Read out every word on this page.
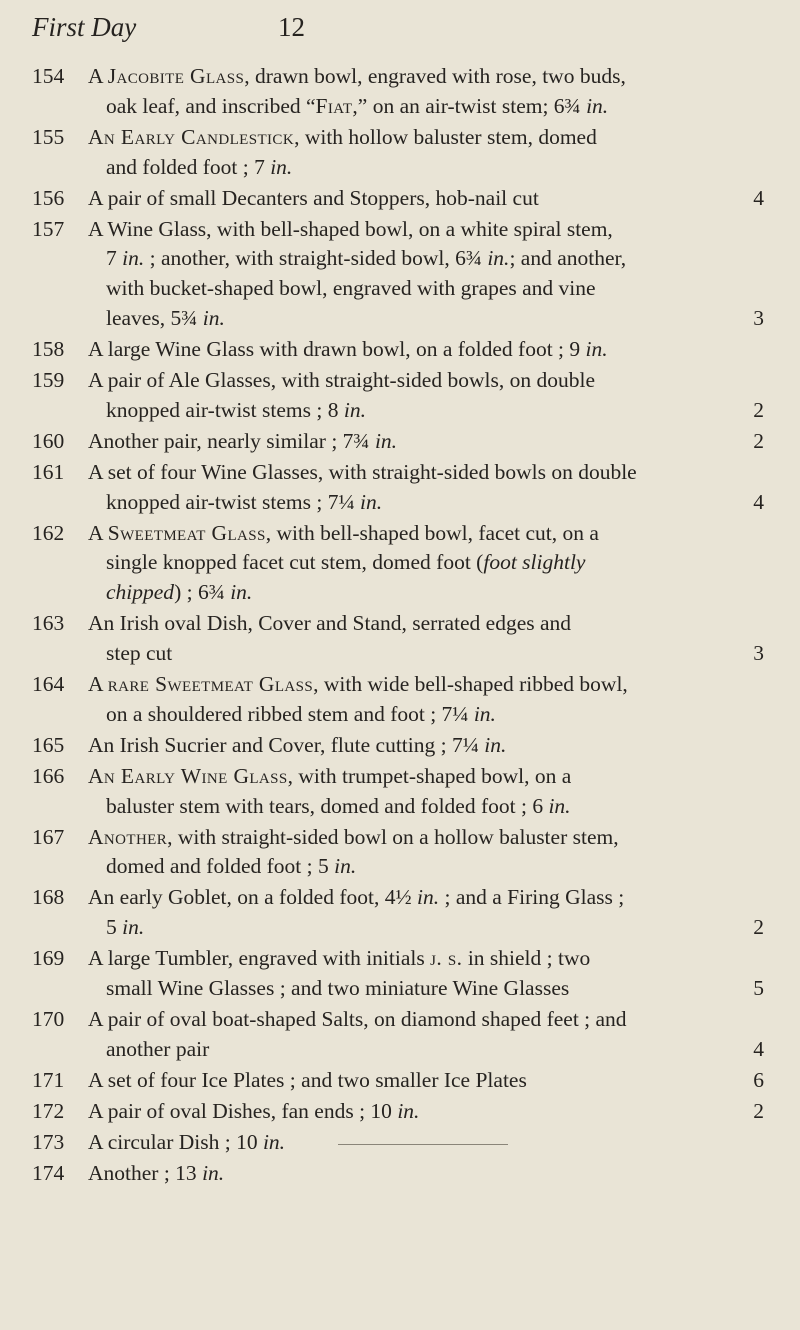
First Day	12
154	A Jacobite Glass, drawn bowl, engraved with rose, two buds,
oak leaf, and inscribed “Fiat,” on an air-twist stem; 6¾ in.
155	An Early Candlestick, with hollow baluster stem, domed
and folded foot ; 7 in.
156	A pair of small Decanters and Stoppers, hob-nail cut	4
157	A Wine Glass, with bell-shaped bowl, on a white spiral stem,
7 in. ; another, with straight-sided bowl, 6¾ in.; and another,
with bucket-shaped bowl, engraved with grapes and vine
leaves, 5¾ in.	3
158	A large Wine Glass with drawn bowl, on a folded foot ; 9 in.
159	A pair of Ale Glasses, with straight-sided bowls, on double
knopped air-twist stems ; 8 in.	2
160	Another pair, nearly similar ; 7¾ in.	2
161	A set of four Wine Glasses, with straight-sided bowls on double
knopped air-twist stems ; 7¼ in.	4
162	A Sweetmeat Glass, with bell-shaped bowl, facet cut, on a
single knopped facet cut stem, domed foot (foot slightly
chipped) ; 6¾ in.
163	An Irish oval Dish, Cover and Stand, serrated edges and
step cut	3
164	A rare Sweetmeat Glass, with wide bell-shaped ribbed bowl,
on a shouldered ribbed stem and foot ; 7¼ in.
165	An Irish Sucrier and Cover, flute cutting ; 7¼ in.
166	An Early Wine Glass, with trumpet-shaped bowl, on a
baluster stem with tears, domed and folded foot ; 6 in.
167	Another, with straight-sided bowl on a hollow baluster stem,
domed and folded foot ; 5 in.
168	An early Goblet, on a folded foot, 4½ in. ; and a Firing Glass ;
5 in.	2
169	A large Tumbler, engraved with initials j. s. in shield ; two
small Wine Glasses ; and two miniature Wine Glasses	5
170	A pair of oval boat-shaped Salts, on diamond shaped feet ; and
another pair	4
171	A set of four Ice Plates ; and two smaller Ice Plates	6
172	A pair of oval Dishes, fan ends ; 10 in.	2
173	A circular Dish ; 10 in.
174	Another ; 13 in.
